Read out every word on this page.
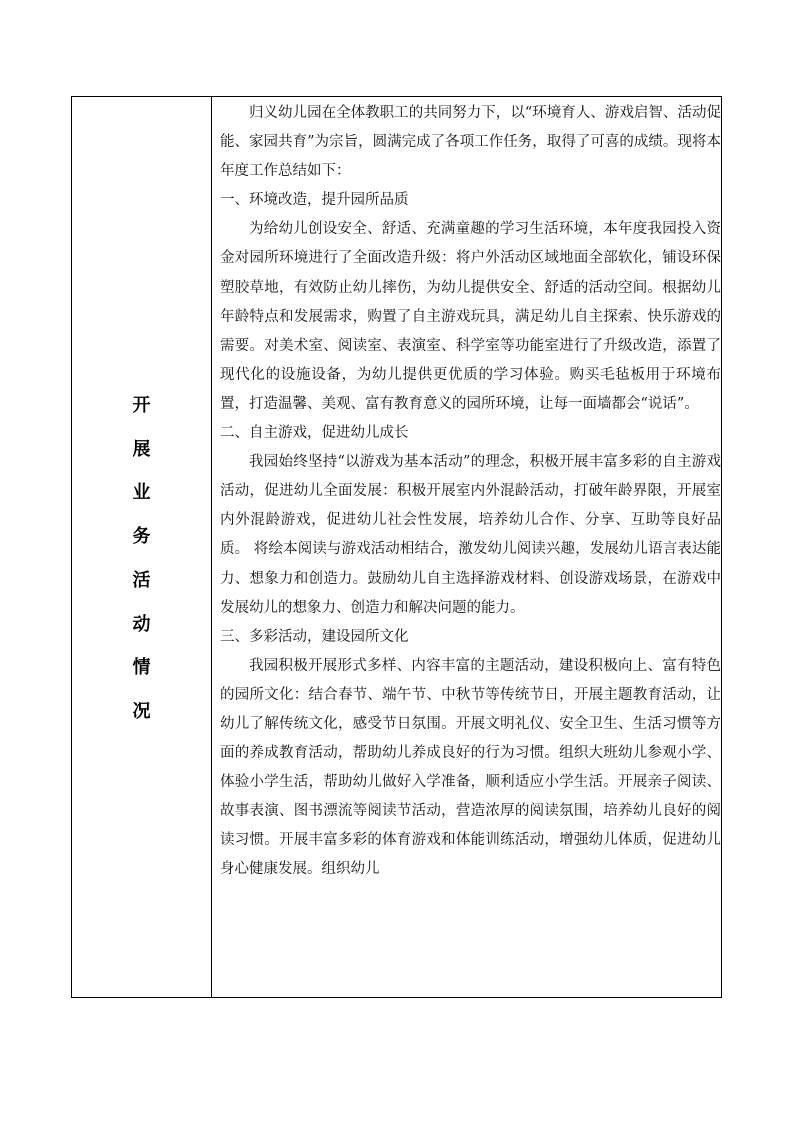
开
展
业
务
活
动
情
况

归义幼儿园在全体教职工的共同努力下，以“环境育人、游戏启智、活动促能、家园共育”为宗旨，圆满完成了各项工作任务，取得了可喜的成绩。现将本年度工作总结如下：

一、环境改造，提升园所品质

为给幼儿创设安全、舒适、充满童趣的学习生活环境，本年度我园投入资金对园所环境进行了全面改造升级：将户外活动区域地面全部软化，铺设环保塑胶草地，有效防止幼儿摔伤，为幼儿提供安全、舒适的活动空间。根据幼儿年龄特点和发展需求，购置了自主游戏玩具，满足幼儿自主探索、快乐游戏的需要。对美术室、阅读室、表演室、科学室等功能室进行了升级改造，添置了现代化的设施设备，为幼儿提供更优质的学习体验。购买毛毡板用于环境布置，打造温馨、美观、富有教育意义的园所环境，让每一面墙都会“说话”。

二、自主游戏，促进幼儿成长

我园始终坚持“以游戏为基本活动”的理念，积极开展丰富多彩的自主游戏活动，促进幼儿全面发展：积极开展室内外混龄活动，打破年龄界限，开展室内外混龄游戏，促进幼儿社会性发展，培养幼儿合作、分享、互助等良好品质。 将绘本阅读与游戏活动相结合，激发幼儿阅读兴趣，发展幼儿语言表达能力、想象力和创造力。鼓励幼儿自主选择游戏材料、创设游戏场景，在游戏中发展幼儿的想象力、创造力和解决问题的能力。

三、多彩活动，建设园所文化

我园积极开展形式多样、内容丰富的主题活动，建设积极向上、富有特色的园所文化：结合春节、端午节、中秋节等传统节日，开展主题教育活动，让幼儿了解传统文化，感受节日氛围。开展文明礼仪、安全卫生、生活习惯等方面的养成教育活动，帮助幼儿养成良好的行为习惯。组织大班幼儿参观小学、体验小学生活，帮助幼儿做好入学准备，顺利适应小学生活。开展亲子阅读、故事表演、图书漂流等阅读节活动，营造浓厚的阅读氛围，培养幼儿良好的阅读习惯。开展丰富多彩的体育游戏和体能训练活动，增强幼儿体质，促进幼儿身心健康发展。组织幼儿
